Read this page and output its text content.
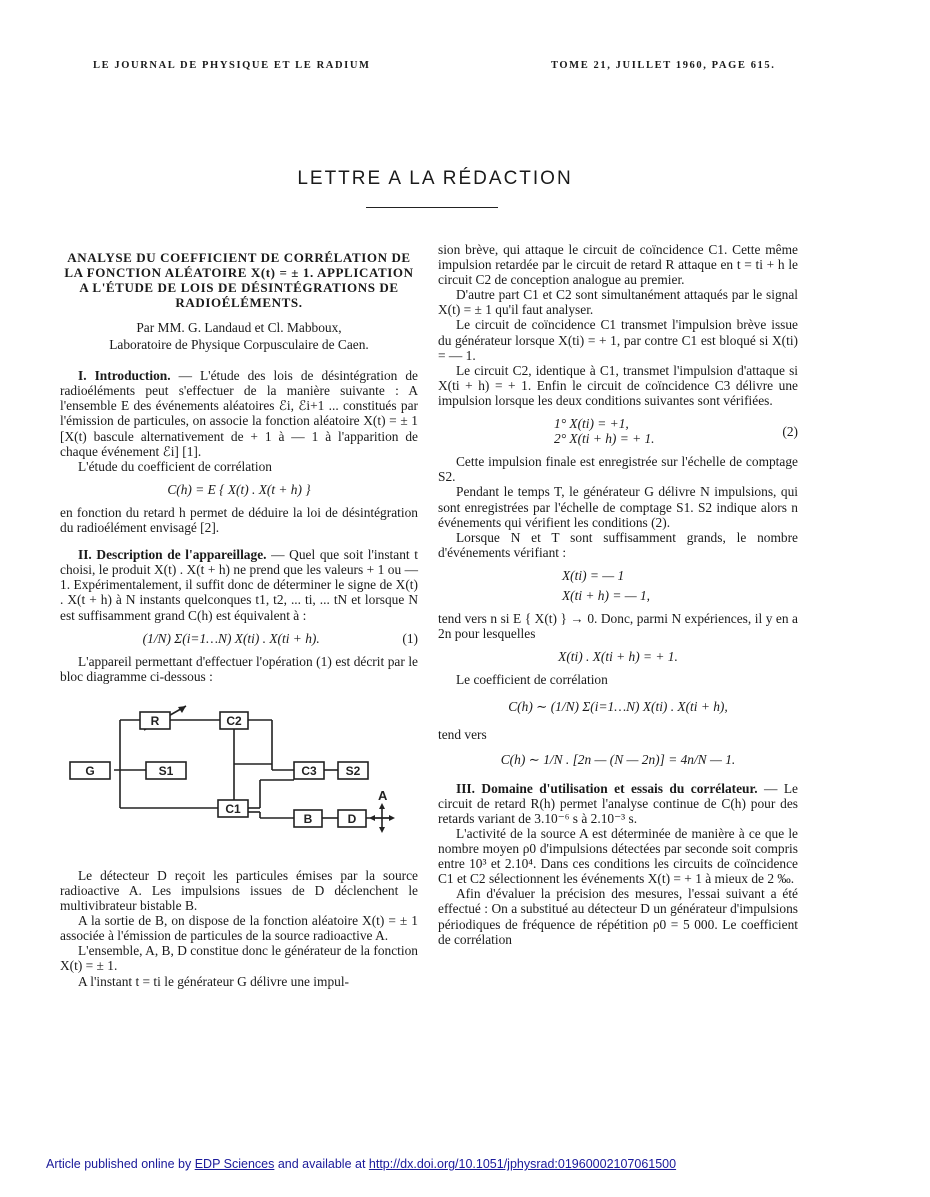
LE JOURNAL DE PHYSIQUE ET LE RADIUM	TOME 21, JUILLET 1960, PAGE 615.
LETTRE A LA RÉDACTION
ANALYSE DU COEFFICIENT DE CORRÉLATION DE LA FONCTION ALÉATOIRE X(t) = ± 1. APPLICATION A L'ÉTUDE DE LOIS DE DÉSINTÉGRATIONS DE RADIOÉLÉMENTS.

Par MM. G. Landaud et Cl. Mabboux,

Laboratoire de Physique Corpusculaire de Caen.

I. Introduction. — L'étude des lois de désintégration de radioéléments peut s'effectuer de la manière suivante : A l'ensemble E des événements aléatoires ℰi, ℰi+1 ... constitués par l'émission de particules, on associe la fonction aléatoire X(t) = ± 1 [X(t) bascule alternativement de + 1 à — 1 à l'apparition de chaque événement ℰi] [1].

L'étude du coefficient de corrélation

C(h) = E { X(t) . X(t + h) }

en fonction du retard h permet de déduire la loi de désintégration du radioélément envisagé [2].

II. Description de l'appareillage. — Quel que soit l'instant t choisi, le produit X(t) . X(t + h) ne prend que les valeurs + 1 ou — 1. Expérimentalement, il suffit donc de déterminer le signe de X(t) . X(t + h) à N instants quelconques t1, t2, ... ti, ... tN et lorsque N est suffisamment grand C(h) est équivalent à :

(1)
(1/N) Σ(i=1…N) X(ti) . X(ti + h).

L'appareil permettant d'effectuer l'opération (1) est décrit par le bloc diagramme ci-dessous :

G	S1
R	C2
C1
C3 S2
B	D
A

Le détecteur D reçoit les particules émises par la source radioactive A. Les impulsions issues de D déclenchent le multivibrateur bistable B.

A la sortie de B, on dispose de la fonction aléatoire X(t) = ± 1 associée à l'émission de particules de la source radioactive A.

L'ensemble, A, B, D constitue donc le générateur de la fonction X(t) = ± 1.

A l'instant t = ti le générateur G délivre une impul-

sion brève, qui attaque le circuit de coïncidence C1. Cette même impulsion retardée par le circuit de retard R attaque en t = ti + h le circuit C2 de conception analogue au premier.

D'autre part C1 et C2 sont simultanément attaqués par le signal X(t) = ± 1 qu'il faut analyser.

Le circuit de coïncidence C1 transmet l'impulsion brève issue du générateur lorsque X(ti) = + 1, par contre C1 est bloqué si X(ti) = — 1.

Le circuit C2, identique à C1, transmet l'impulsion d'attaque si X(ti + h) = + 1. Enfin le circuit de coïncidence C3 délivre une impulsion lorsque les deux conditions suivantes sont vérifiées.

(2)
1° X(ti) = +1,
2° X(ti + h) = + 1.

Cette impulsion finale est enregistrée sur l'échelle de comptage S2.

Pendant le temps T, le générateur G délivre N impulsions, qui sont enregistrées par l'échelle de comptage S1. S2 indique alors n événements qui vérifient les conditions (2).

Lorsque N et T sont suffisamment grands, le nombre d'événements vérifiant :

X(ti) = — 1
X(ti + h) = — 1,

tend vers n si E { X(t) } → 0. Donc, parmi N expériences, il y en a 2n pour lesquelles

X(ti) . X(ti + h) = + 1.

Le coefficient de corrélation

C(h) ∼ (1/N) Σ(i=1…N) X(ti) . X(ti + h),

tend vers

C(h) ∼ 1/N . [2n — (N — 2n)] = 4n/N — 1.

III. Domaine d'utilisation et essais du corrélateur. — Le circuit de retard R(h) permet l'analyse continue de C(h) pour des retards variant de 3.10⁻⁶ s à 2.10⁻³ s.

L'activité de la source A est déterminée de manière à ce que le nombre moyen ρ0 d'impulsions détectées par seconde soit compris entre 10³ et 2.10⁴. Dans ces conditions les circuits de coïncidence C1 et C2 sélectionnent les événements X(t) = + 1 à mieux de 2 ‰.

Afin d'évaluer la précision des mesures, l'essai suivant a été effectué : On a substitué au détecteur D un générateur d'impulsions périodiques de fréquence de répétition ρ0 = 5 000. Le coefficient de corrélation

Article published online by EDP Sciences and available at http://dx.doi.org/10.1051/jphysrad:01960002107061500
